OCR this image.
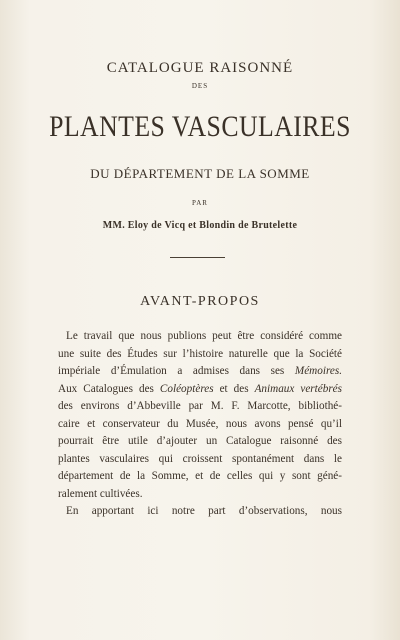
CATALOGUE RAISONNÉ
DES
PLANTES VASCULAIRES
DU DÉPARTEMENT DE LA SOMME
PAR
MM. Eloy de Vicq et Blondin de Brutelette
AVANT-PROPOS
Le travail que nous publions peut être considéré comme
une suite des Études sur l’histoire naturelle que la Société
impériale d’Émulation a admises dans ses Mémoires.
Aux Catalogues des Coléoptères et des Animaux vertébrés
des environs d’Abbeville par M. F. Marcotte, bibliothé-
caire et conservateur du Musée, nous avons pensé qu’il
pourrait être utile d’ajouter un Catalogue raisonné des
plantes vasculaires qui croissent spontanément dans le
département de la Somme, et de celles qui y sont géné-
ralement cultivées.
En apportant ici notre part d’observations, nous
